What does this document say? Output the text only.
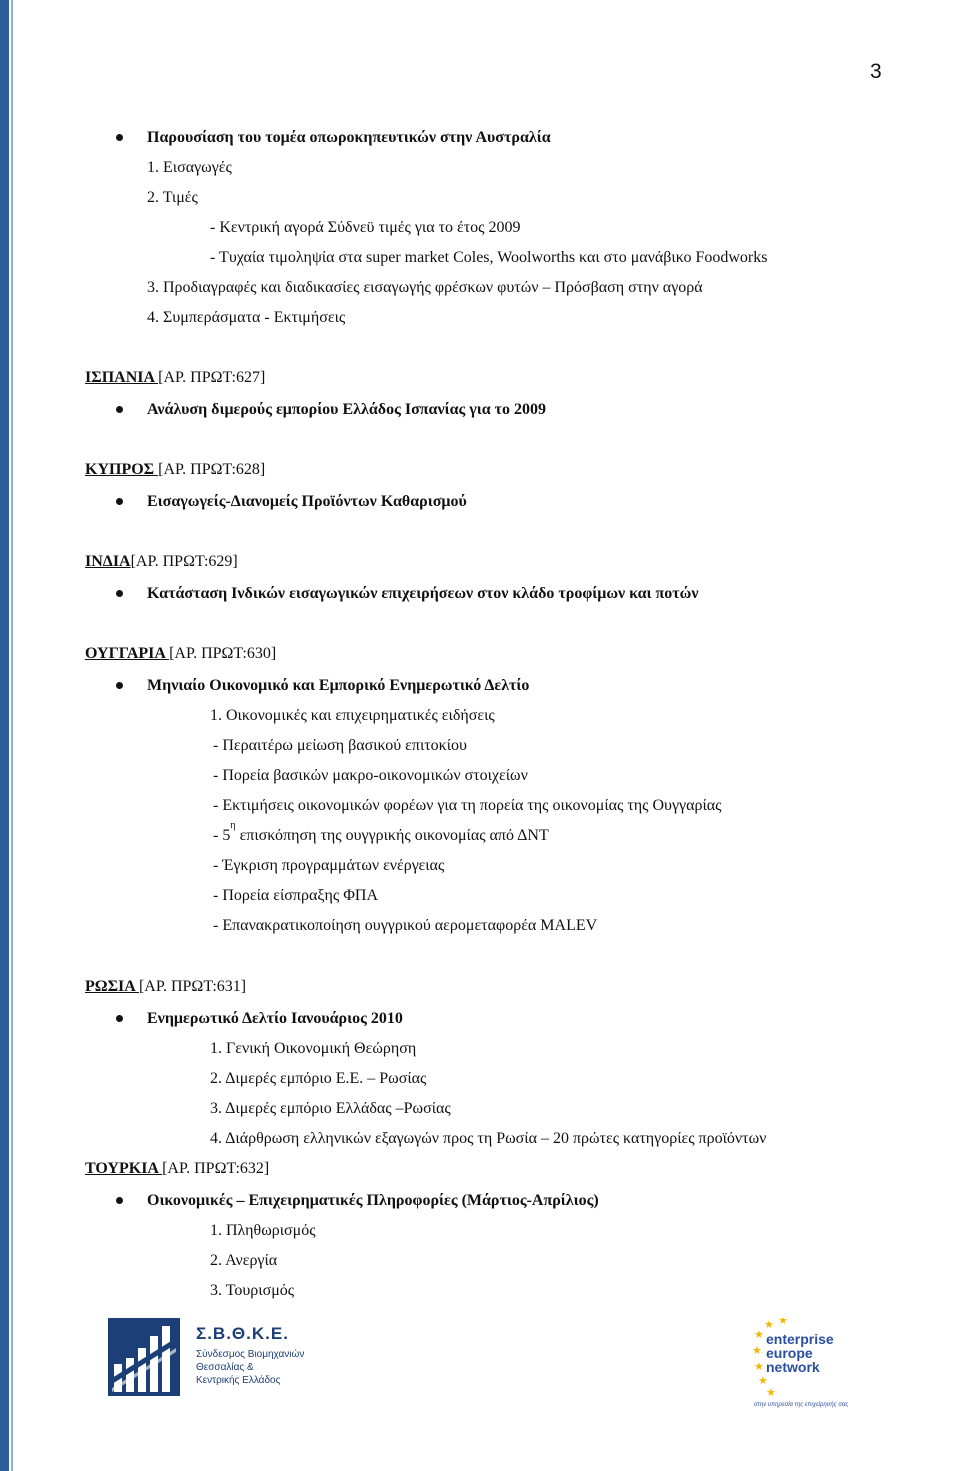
3
Παρουσίαση του τομέα οπωροκηπευτικών στην Αυστραλία
1. Εισαγωγές
2. Τιμές
- Κεντρική αγορά Σύδνεϋ τιμές για το έτος 2009
- Τυχαία τιμοληψία στα super market Coles, Woolworths και στο μανάβικο Foodworks
3. Προδιαγραφές και διαδικασίες εισαγωγής φρέσκων φυτών – Πρόσβαση στην αγορά
4. Συμπεράσματα - Εκτιμήσεις
ΙΣΠΑΝΙΑ [ΑΡ. ΠΡΩΤ:627]
Ανάλυση διμερούς εμπορίου Ελλάδος Ισπανίας για το 2009
ΚΥΠΡΟΣ [ΑΡ. ΠΡΩΤ:628]
Εισαγωγείς-Διανομείς Προϊόντων Καθαρισμού
ΙΝΔΙΑ[ΑΡ. ΠΡΩΤ:629]
Κατάσταση Ινδικών εισαγωγικών επιχειρήσεων στον κλάδο τροφίμων και ποτών
ΟΥΓΓΑΡΙΑ [ΑΡ. ΠΡΩΤ:630]
Μηνιαίο Οικονομικό και Εμπορικό Ενημερωτικό Δελτίο
1. Οικονομικές και επιχειρηματικές ειδήσεις
- Περαιτέρω μείωση βασικού επιτοκίου
- Πορεία βασικών μακρο-οικονομικών στοιχείων
- Εκτιμήσεις οικονομικών φορέων για τη πορεία της οικονομίας της Ουγγαρίας
- $5^\eta$ επισκόπηση της ουγγρικής οικονομίας από ΔΝΤ
- Έγκριση προγραμμάτων ενέργειας
- Πορεία είσπραξης ΦΠΑ
- Επανακρατικοποίηση ουγγρικού αερομεταφορέα MALEV
ΡΩΣΙΑ [ΑΡ. ΠΡΩΤ:631]
Ενημερωτικό Δελτίο Ιανουάριος 2010
1. Γενική Οικονομική Θεώρηση
2. Διμερές εμπόριο Ε.Ε. – Ρωσίας
3. Διμερές εμπόριο Ελλάδας –Ρωσίας
4. Διάρθρωση ελληνικών εξαγωγών προς τη Ρωσία – 20 πρώτες κατηγορίες προϊόντων
ΤΟΥΡΚΙΑ [ΑΡ. ΠΡΩΤ:632]
Οικονομικές – Επιχειρηματικές Πληροφορίες (Μάρτιος-Απρίλιος)
1. Πληθωρισμός
2. Ανεργία
3. Τουρισμός
Σ.Β.Θ.Κ.Ε.
Σύνδεσμος Βιομηχανιών
Θεσσαλίας &
Κεντρικής Ελλάδος
★
★ ★
★
★
★
★
enterprise
europe
network
στην υπηρεσία της επιχείρησής σας
